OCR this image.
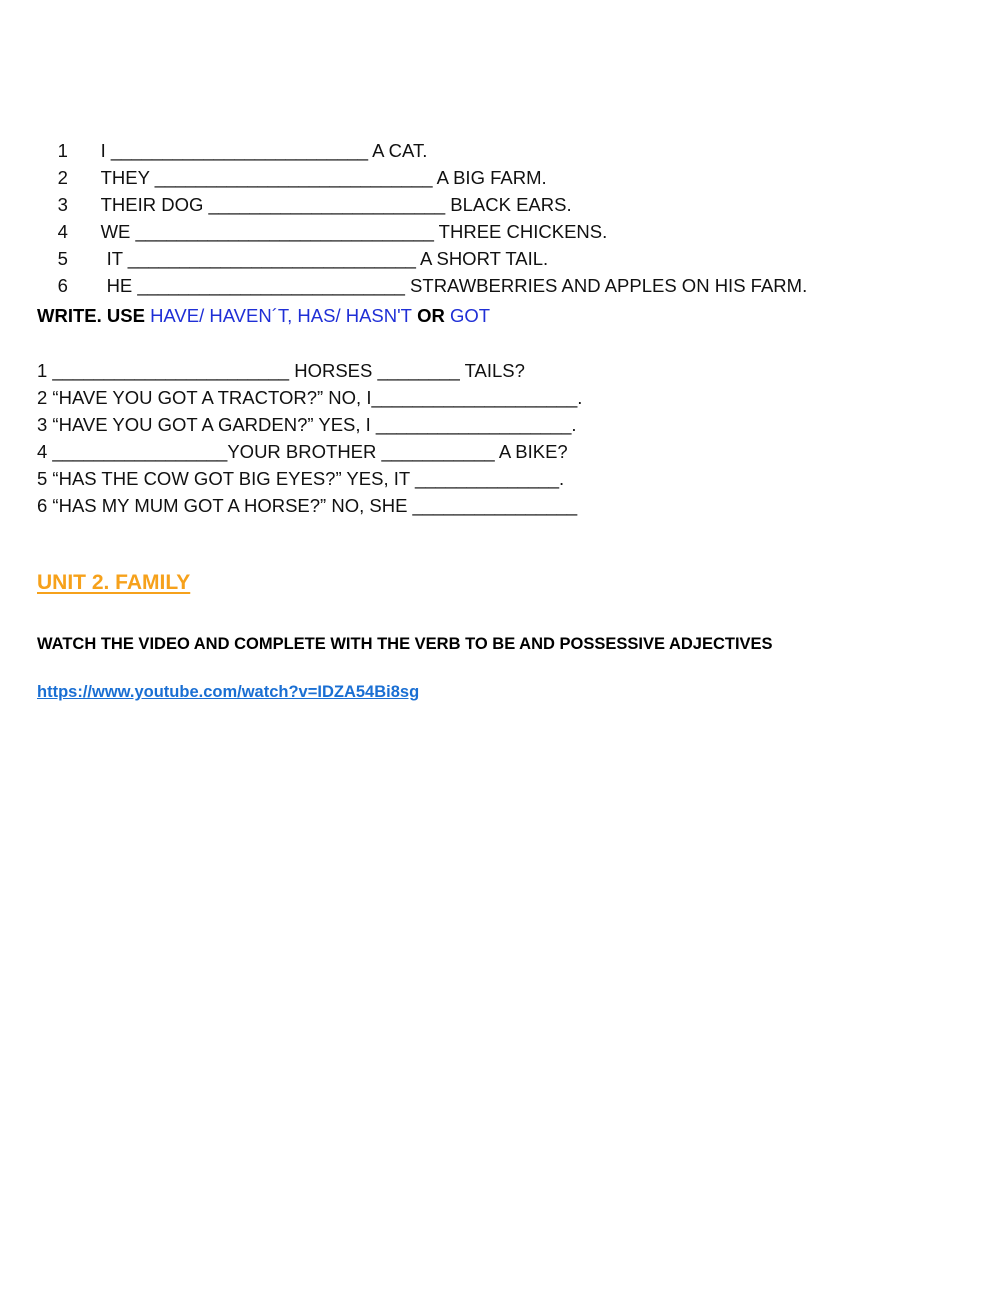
1 I _________________________ A CAT.

2 THEY ___________________________ A BIG FARM.

3 THEIR DOG _______________________ BLACK EARS.

4 WE _____________________________ THREE CHICKENS.

5 IT ____________________________ A SHORT TAIL.

6 HE __________________________ STRAWBERRIES AND APPLES ON HIS FARM.

WRITE. USE HAVE/ HAVEN´T, HAS/ HASN'T OR GOT
1 _______________________ HORSES ________ TAILS?
2 “HAVE YOU GOT A TRACTOR?” NO, I____________________.
3 “HAVE YOU GOT A GARDEN?” YES, I ___________________.
4 _________________YOUR BROTHER ___________ A BIKE?
5 “HAS THE COW GOT BIG EYES?” YES, IT ______________.
6 “HAS MY MUM GOT A HORSE?” NO, SHE ________________
UNIT 2. FAMILY
WATCH THE VIDEO AND COMPLETE WITH THE VERB TO BE AND POSSESSIVE ADJECTIVES
https://www.youtube.com/watch?v=IDZA54Bi8sg
